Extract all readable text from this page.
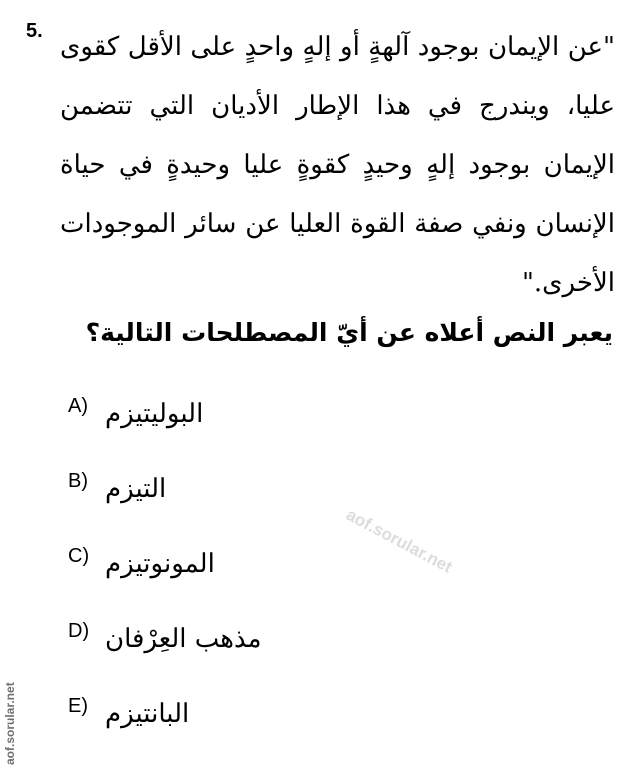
5.
"عن الإيمان بوجود آلهةٍ أو إلهٍ واحدٍ على الأقل كقوى عليا، ويندرج في هذا الإطار الأديان التي تتضمن الإيمان بوجود إلهٍ وحيدٍ كقوةٍ عليا وحيدةٍ في حياة الإنسان ونفي صفة القوة العليا عن سائر الموجودات الأخرى."
يعبر النص أعلاه عن أيّ المصطلحات التالية؟
A) البوليتيزم
B) التيزم
C) المونوتيزم
D) مذهب العِرْفان
E) البانتيزم
aof.sorular.net
aof.sorular.net
